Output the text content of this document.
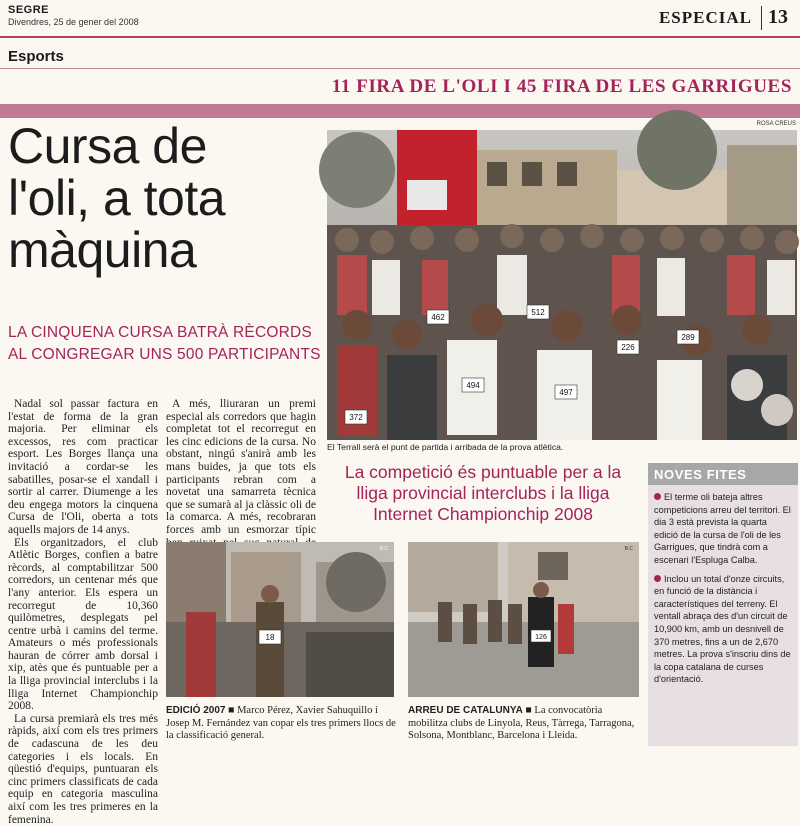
SEGRE
Divendres, 25 de gener del 2008	ESPECIAL 13
Esports
11 FIRA DE L'OLI I 45 FIRA DE LES GARRIGUES
Cursa de
l'oli, a tota
màquina
LA CINQUENA CURSA BATRÀ RÈCORDS AL CONGREGAR UNS 500 PARTICIPANTS
ROSA CREUS
494
497
289
372
226
462
512
El Terrall serà el punt de partida i arribada de la prova atlètica.
La competició és puntuable per a la lliga provincial interclubs i la lliga Internet Championchip 2008

Nadal sol passar factura en l'estat de forma de la gran majoria. Per eliminar els excessos, res com practicar esport. Les Borges llança una invitació a cordar-se les sabatilles, posar-se el xandall i sortir al carrer. Diumenge a les deu engega motors la cinquena Cursa de l'Oli, oberta a tots aquells majors de 14 anys.

Els organitzadors, el club Atlètic Borges, confien a batre rècords, al comptabilitzar 500 corredors, un centenar més que l'any anterior. Els espera un recorregut de 10,360 quilòmetres, desplegats pel centre urbà i camins del terme. Amateurs o més professionals hauran de córrer amb dorsal i xip, atès que és puntuable per a la lliga provincial interclubs i la lliga Internet Championchip 2008.

La cursa premiarà els tres més ràpids, així com els tres primers de cadascuna de les deu categories i els locals. En qüestió d'equips, puntuaran els cinc primers classificats de cada equip en categoria masculina així com les tres primeres en la femenina.

A més, lliuraran un premi especial als corredors que hagin completat tot el recorregut en les cinc edicions de la cursa. No obstant, ningú s'anirà amb les mans buides, ja que tots els participants rebran com a novetat una samarreta tècnica que se sumarà al ja clàssic oli de la comarca. A més, recobraran forces amb un esmorzar típic

18
B.C
EDICIÓ 2007 ■ Marco Pérez, Xavier Sahuquillo i Josep M. Fernández van copar els tres primers llocs de la classificació general.
126
B.C
ARREU DE CATALUNYA ■ La convocatòria mobilitza clubs de Linyola, Reus, Tàrrega, Tarragona, Solsona, Montblanc, Barcelona i Lleida.
NOVES FITES

El terme oli bateja altres competicions arreu del territori. El dia 3 està prevista la quarta edició de la cursa de l'oli de les Garrigues, que tindrà com a escenari l'Espluga Calba.

Inclou un total d'onze circuits, en funció de la distància i característiques del terreny. El ventall abraça des d'un circuit de 10,900 km, amb un desnivell de 370 metres, fins a un de 2,670 metres. La prova s'inscriu dins de la copa catalana de curses d'orientació.
